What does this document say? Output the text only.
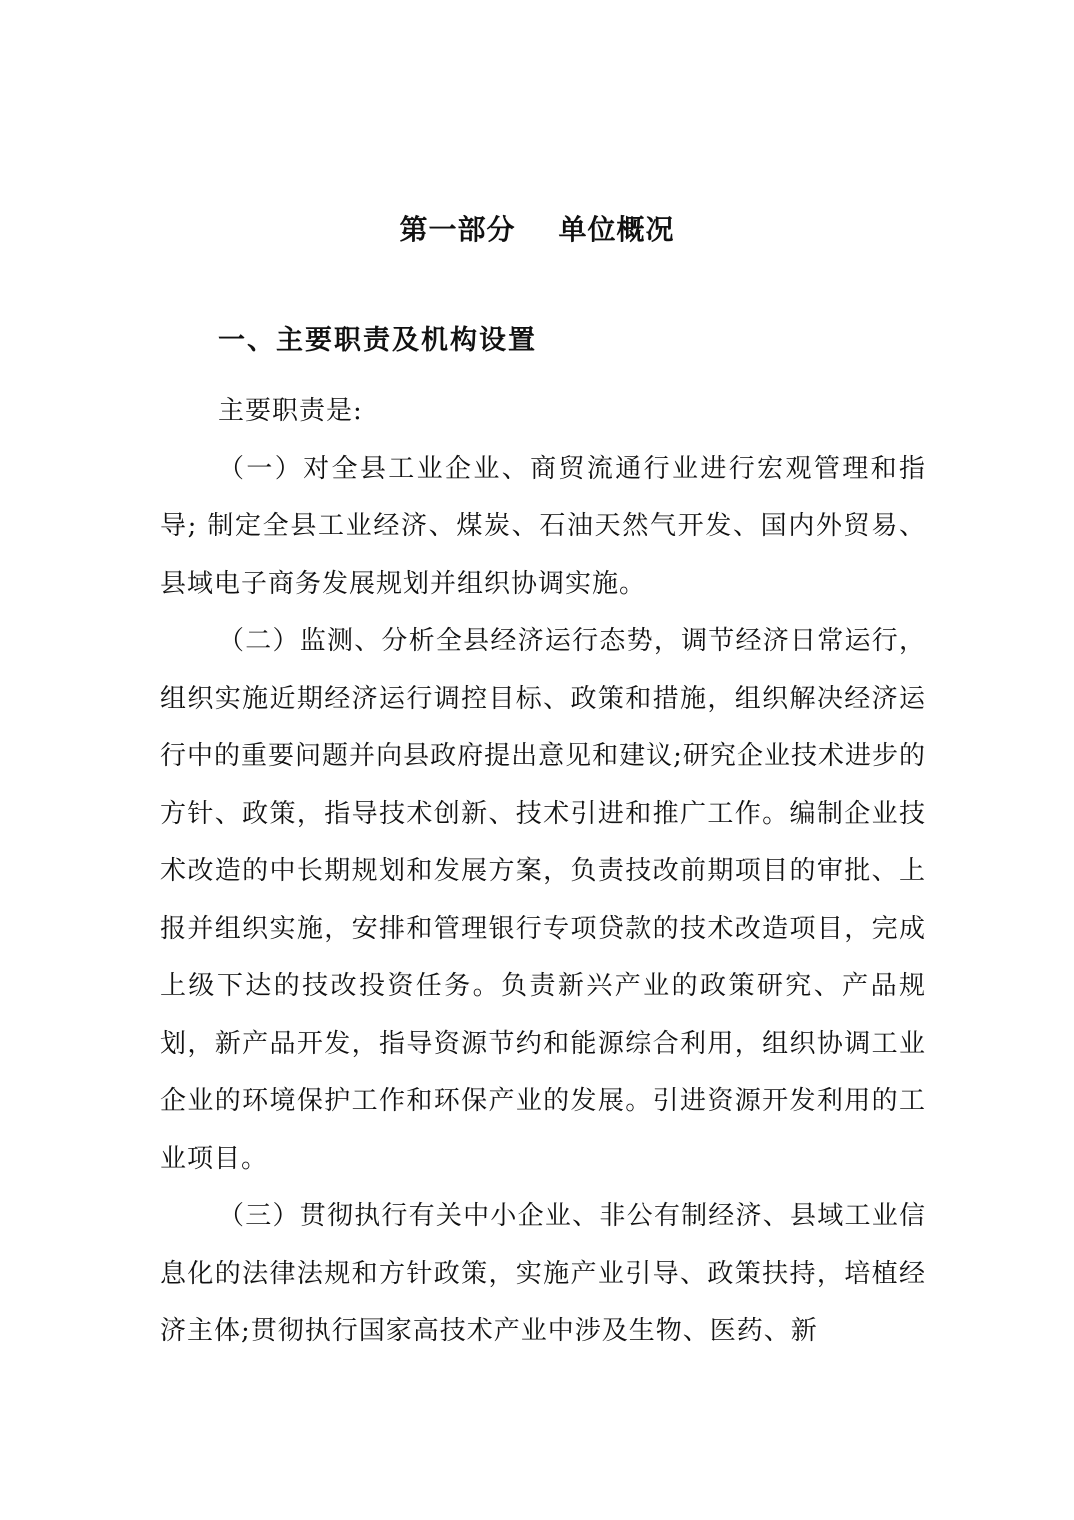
第一部分    单位概况
一、主要职责及机构设置

主要职责是:

（一）对全县工业企业、商贸流通行业进行宏观管理和指导; 制定全县工业经济、煤炭、石油天然气开发、国内外贸易、县域电子商务发展规划并组织协调实施。

（二）监测、分析全县经济运行态势，调节经济日常运行，组织实施近期经济运行调控目标、政策和措施，组织解决经济运行中的重要问题并向县政府提出意见和建议;研究企业技术进步的方针、政策，指导技术创新、技术引进和推广工作。编制企业技术改造的中长期规划和发展方案，负责技改前期项目的审批、上报并组织实施，安排和管理银行专项贷款的技术改造项目，完成上级下达的技改投资任务。负责新兴产业的政策研究、产品规划，新产品开发，指导资源节约和能源综合利用，组织协调工业企业的环境保护工作和环保产业的发展。引进资源开发利用的工业项目。

（三）贯彻执行有关中小企业、非公有制经济、县域工业信息化的法律法规和方针政策，实施产业引导、政策扶持，培植经济主体;贯彻执行国家高技术产业中涉及生物、医药、新
